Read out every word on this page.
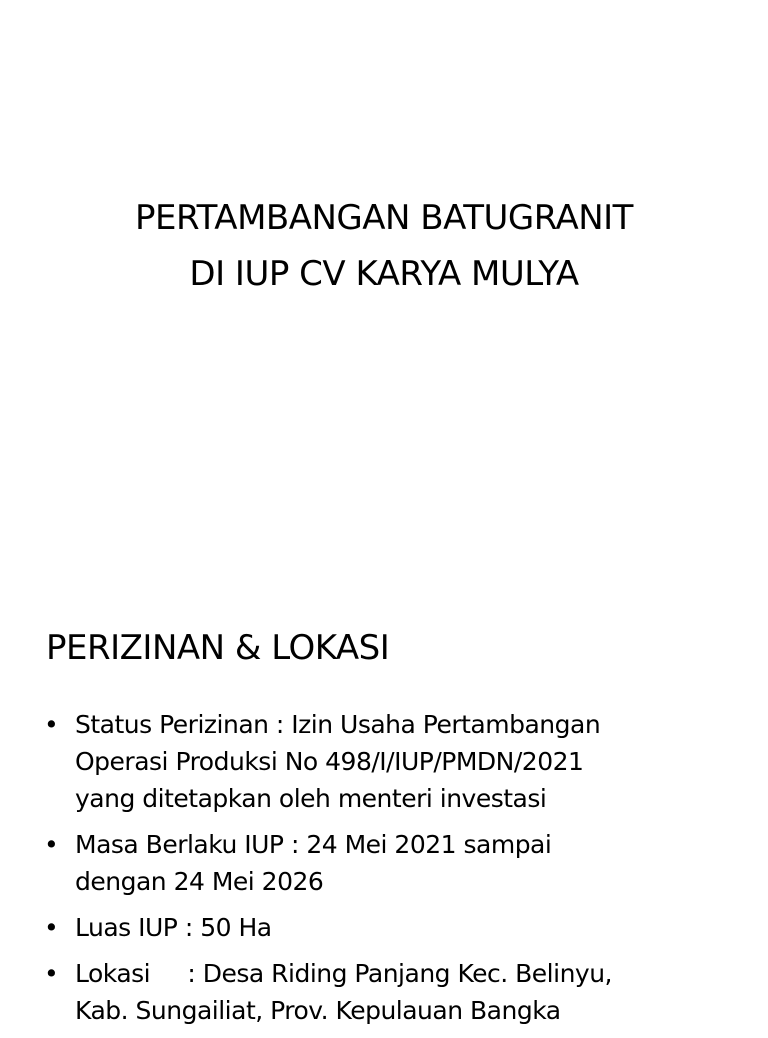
PERTAMBANGAN BATUGRANIT
DI IUP CV KARYA MULYA
PERIZINAN & LOKASI
• Status Perizinan : Izin Usaha Pertambangan
Operasi Produksi No 498/I/IUP/PMDN/2021
yang ditetapkan oleh menteri investasi
• Masa Berlaku IUP : 24 Mei 2021 sampai
dengan 24 Mei 2026
• Luas IUP : 50 Ha
• Lokasi     : Desa Riding Panjang Kec. Belinyu,
Kab. Sungailiat, Prov. Kepulauan Bangka
